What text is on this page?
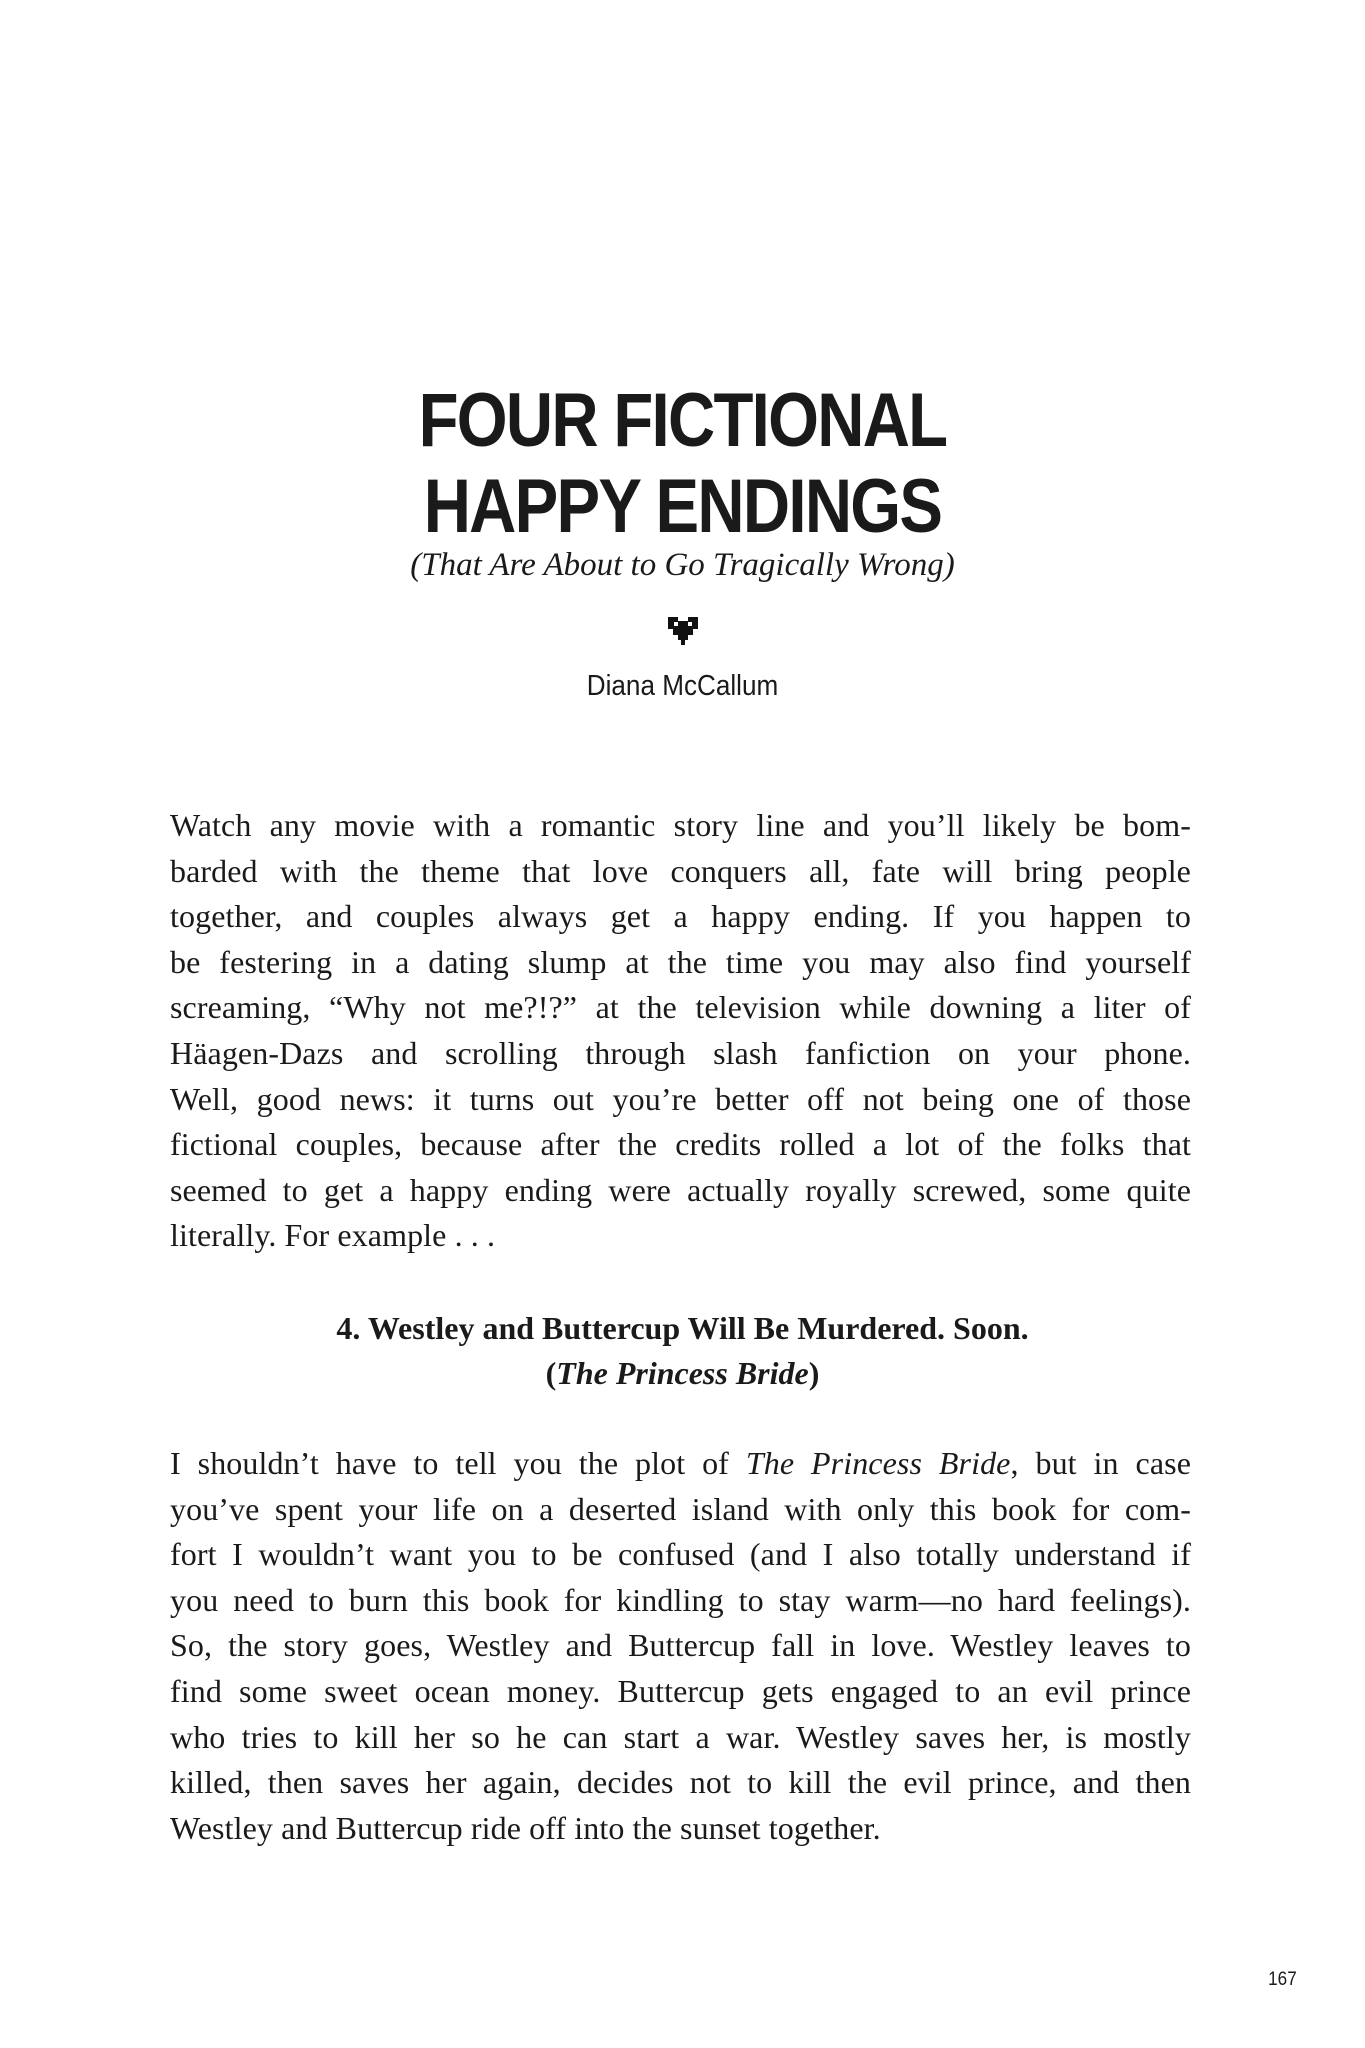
FOUR FICTIONAL
HAPPY ENDINGS

(That Are About to Go Tragically Wrong)

Diana McCallum

Watch any movie with a romantic story line and you’ll likely be bom-
barded with the theme that love conquers all, fate will bring people
together, and couples always get a happy ending. If you happen to
be festering in a dating slump at the time you may also find yourself
screaming, “Why not me?!?” at the television while downing a liter of
Häagen-Dazs and scrolling through slash fanfiction on your phone.
Well, good news: it turns out you’re better off not being one of those
fictional couples, because after the credits rolled a lot of the folks that
seemed to get a happy ending were actually royally screwed, some quite
literally. For example . . .
4. Westley and Buttercup Will Be Murdered. Soon.
(The Princess Bride)
I shouldn’t have to tell you the plot of The Princess Bride, but in case
you’ve spent your life on a deserted island with only this book for com-
fort I wouldn’t want you to be confused (and I also totally understand if
you need to burn this book for kindling to stay warm—no hard feelings).
So, the story goes, Westley and Buttercup fall in love. Westley leaves to
find some sweet ocean money. Buttercup gets engaged to an evil prince
who tries to kill her so he can start a war. Westley saves her, is mostly
killed, then saves her again, decides not to kill the evil prince, and then
Westley and Buttercup ride off into the sunset together.
167
